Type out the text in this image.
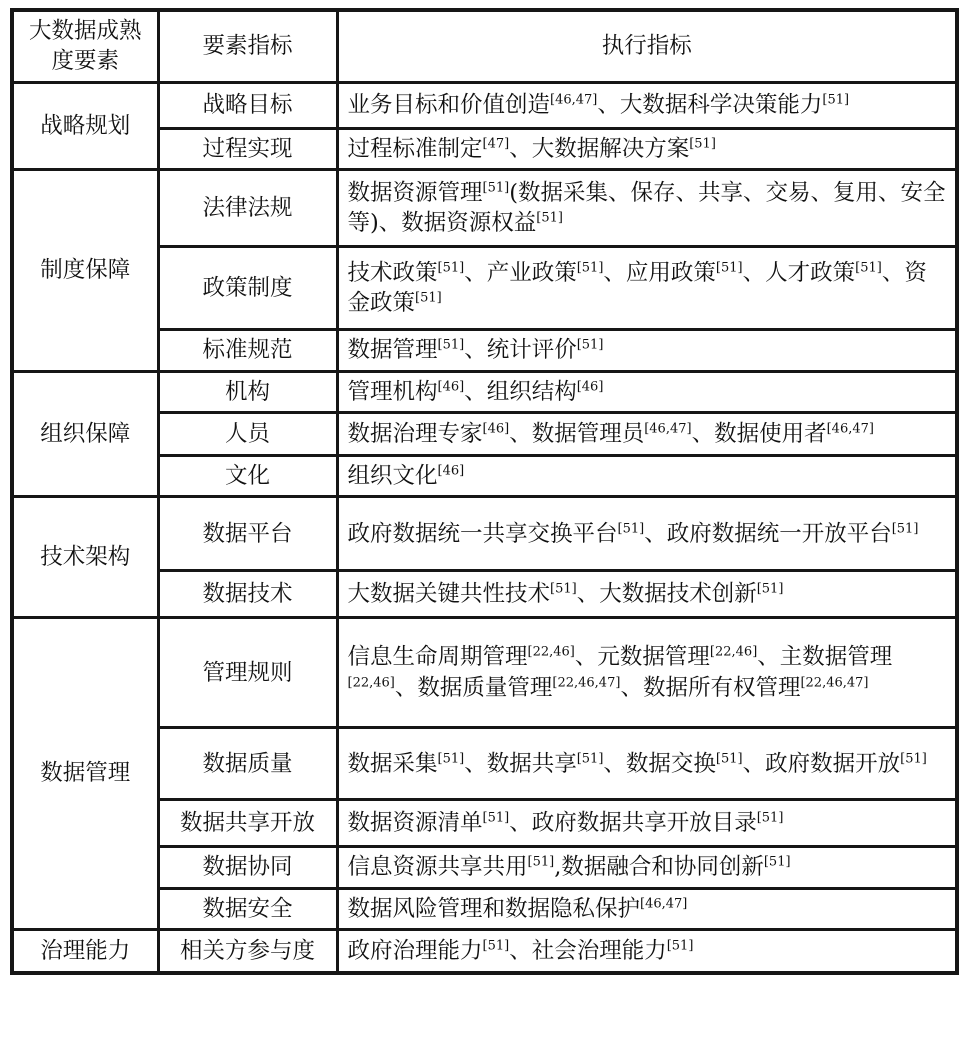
大数据成熟度要素	要素指标	执行指标
战略规划	战略目标	业务目标和价值创造[46,47]、大数据科学决策能力[51]
	过程实现	过程标准制定[47]、大数据解决方案[51]
制度保障	法律法规	数据资源管理[51](数据采集、保存、共享、交易、复用、安全等)、数据资源权益[51]
	政策制度	技术政策[51]、产业政策[51]、应用政策[51]、人才政策[51]、资金政策[51]
	标准规范	数据管理[51]、统计评价[51]
组织保障	机构	管理机构[46]、组织结构[46]
	人员	数据治理专家[46]、数据管理员[46,47]、数据使用者[46,47]
	文化	组织文化[46]
技术架构	数据平台	政府数据统一共享交换平台[51]、政府数据统一开放平台[51]
	数据技术	大数据关键共性技术[51]、大数据技术创新[51]
数据管理	管理规则	信息生命周期管理[22,46]、元数据管理[22,46]、主数据管理[22,46]、数据质量管理[22,46,47]、数据所有权管理[22,46,47]
	数据质量	数据采集[51]、数据共享[51]、数据交换[51]、政府数据开放[51]
	数据共享开放	数据资源清单[51]、政府数据共享开放目录[51]
	数据协同	信息资源共享共用[51],数据融合和协同创新[51]
	数据安全	数据风险管理和数据隐私保护[46,47]
治理能力	相关方参与度	政府治理能力[51]、社会治理能力[51]
